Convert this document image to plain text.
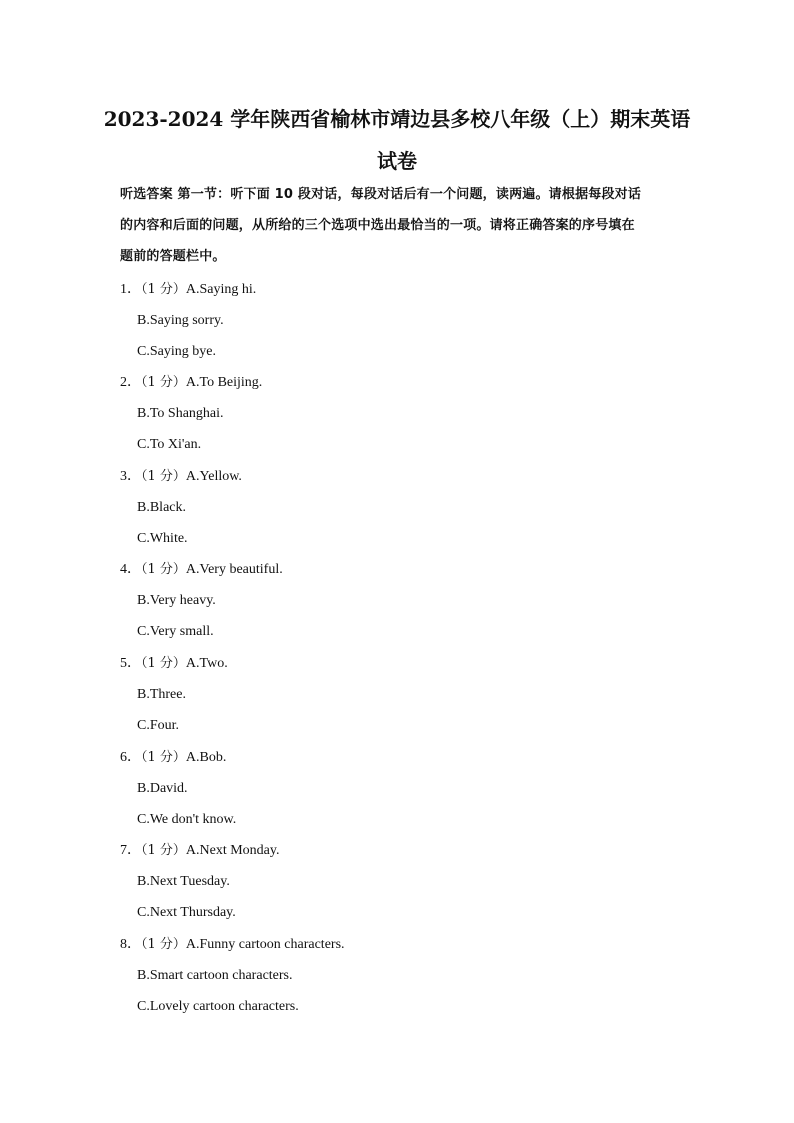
2023-2024 学年陕西省榆林市靖边县多校八年级（上）期末英语
试卷
听选答案 第一节：听下面 10 段对话，每段对话后有一个问题，读两遍。请根据每段对话
的内容和后面的问题，从所给的三个选项中选出最恰当的一项。请将正确答案的序号填在
题前的答题栏中。
1．（1 分）A.Saying hi.
B.Saying sorry.
C.Saying bye.
2．（1 分）A.To Beijing.
B.To Shanghai.
C.To Xi'an.
3．（1 分）A.Yellow.
B.Black.
C.White.
4．（1 分）A.Very beautiful.
B.Very heavy.
C.Very small.
5．（1 分）A.Two.
B.Three.
C.Four.
6．（1 分）A.Bob.
B.David.
C.We don't know.
7．（1 分）A.Next Monday.
B.Next Tuesday.
C.Next Thursday.
8．（1 分）A.Funny cartoon characters.
B.Smart cartoon characters.
C.Lovely cartoon characters.
